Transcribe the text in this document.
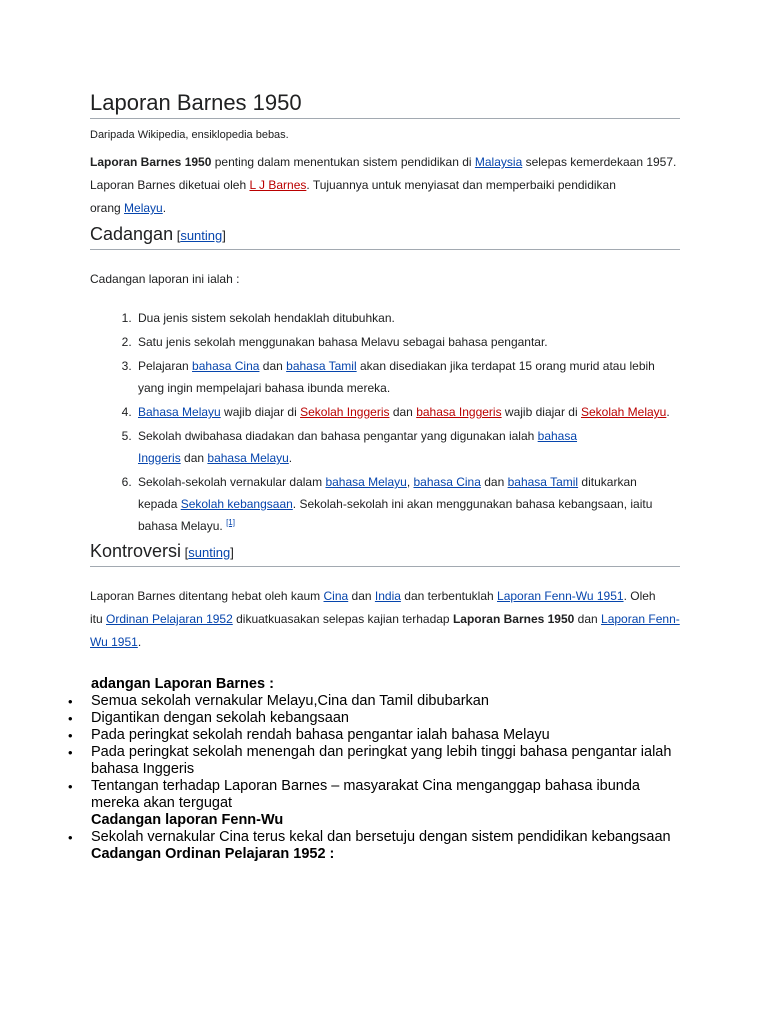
Laporan Barnes 1950
Daripada Wikipedia, ensiklopedia bebas.

Laporan Barnes 1950 penting dalam menentukan sistem pendidikan di Malaysia selepas kemerdekaan 1957.
Laporan Barnes diketuai oleh L J Barnes. Tujuannya untuk menyiasat dan memperbaiki pendidikan
orang Melayu.

Cadangan [sunting]

Cadangan laporan ini ialah :

1. Dua jenis sistem sekolah hendaklah ditubuhkan.
2. Satu jenis sekolah menggunakan bahasa Melavu sebagai bahasa pengantar.
3. Pelajaran bahasa Cina dan bahasa Tamil akan disediakan jika terdapat 15 orang murid atau lebih
yang ingin mempelajari bahasa ibunda mereka.
4. Bahasa Melayu wajib diajar di Sekolah Inggeris dan bahasa Inggeris wajib diajar di Sekolah Melayu.
5. Sekolah dwibahasa diadakan dan bahasa pengantar yang digunakan ialah bahasa
Inggeris dan bahasa Melayu.
6. Sekolah-sekolah vernakular dalam bahasa Melayu, bahasa Cina dan bahasa Tamil ditukarkan
kepada Sekolah kebangsaan. Sekolah-sekolah ini akan menggunakan bahasa kebangsaan, iaitu
bahasa Melayu. [1]
Kontroversi [sunting]

Laporan Barnes ditentang hebat oleh kaum Cina dan India dan terbentuklah Laporan Fenn-Wu 1951. Oleh
itu Ordinan Pelajaran 1952 dikuatkuasakan selepas kajian terhadap Laporan Barnes 1950 dan Laporan Fenn-
Wu 1951.

adangan Laporan Barnes :
• Semua sekolah vernakular Melayu,Cina dan Tamil dibubarkan
• Digantikan dengan sekolah kebangsaan
• Pada peringkat sekolah rendah bahasa pengantar ialah bahasa Melayu
• Pada peringkat sekolah menengah dan peringkat yang lebih tinggi bahasa pengantar ialah bahasa Inggeris
• Tentangan terhadap Laporan Barnes – masyarakat Cina menganggap bahasa ibunda mereka akan tergugat
Cadangan laporan Fenn-Wu
• Sekolah vernakular Cina terus kekal dan bersetuju dengan sistem pendidikan kebangsaan
Cadangan Ordinan Pelajaran 1952 :
